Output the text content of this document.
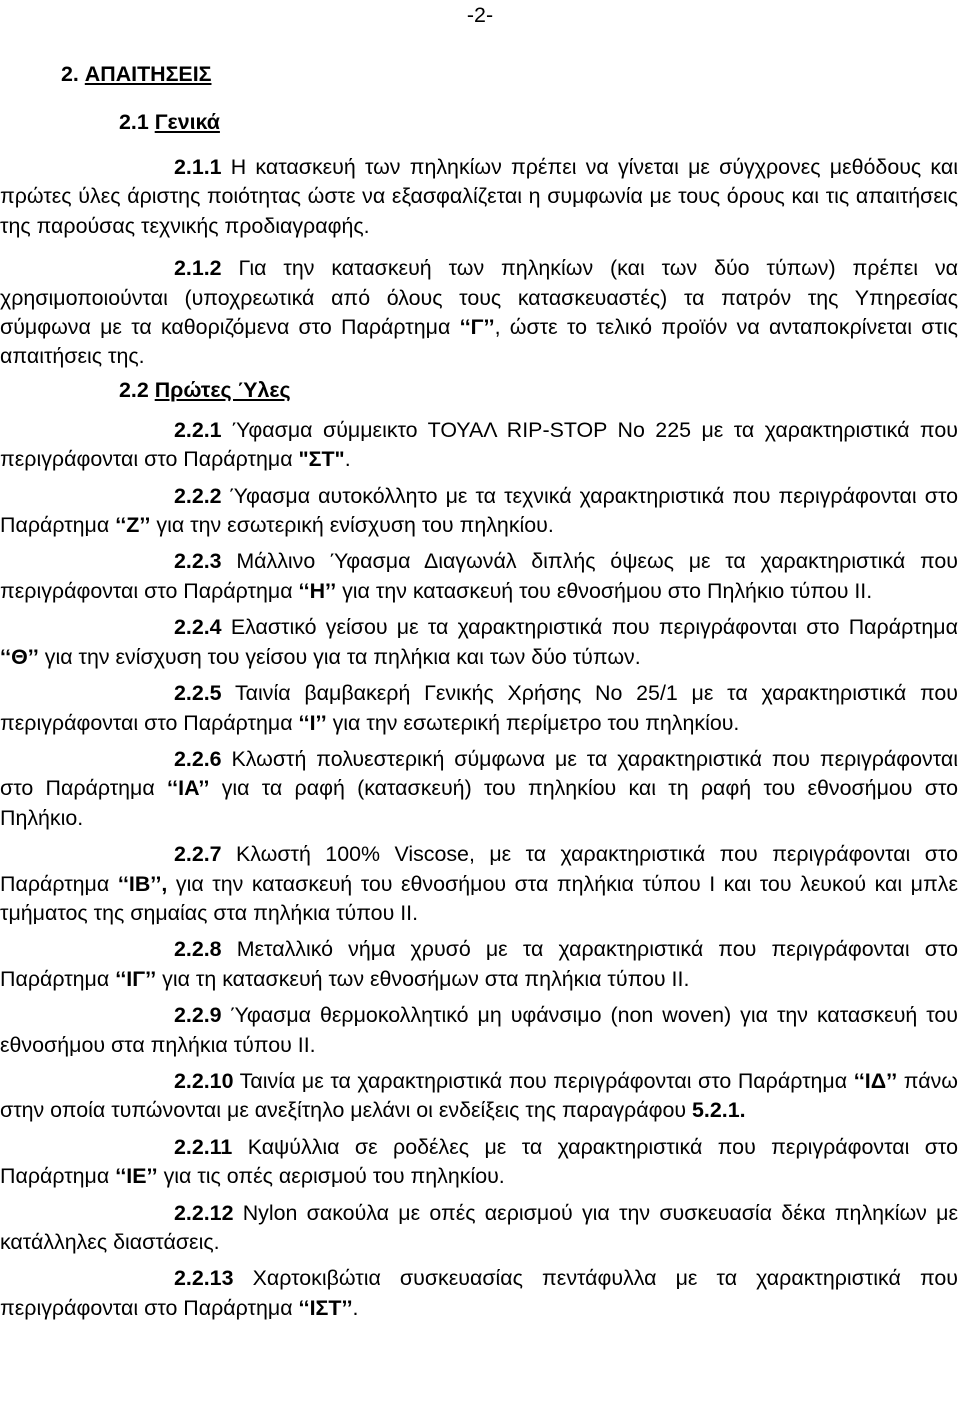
-2-
2. ΑΠΑΙΤΗΣΕΙΣ
2.1 Γενικά

2.1.1 Η κατασκευή των πηληκίων πρέπει να γίνεται με σύγχρονες μεθόδους και πρώτες ύλες άριστης ποιότητας ώστε να εξασφαλίζεται η συμφωνία με τους όρους και τις απαιτήσεις της παρούσας τεχνικής προδιαγραφής.

2.1.2 Για την κατασκευή των πηληκίων (και των δύο τύπων) πρέπει να χρησιμοποιούνται (υποχρεωτικά από όλους τους κατασκευαστές) τα πατρόν της Υπηρεσίας σύμφωνα με τα καθοριζόμενα στο Παράρτημα ‘‘Γ’’, ώστε το τελικό προϊόν να ανταποκρίνεται στις απαιτήσεις της.

2.2 Πρώτες Ύλες

2.2.1 Ύφασμα σύμμεικτο ΤΟΥΑΛ RIP-STOP No 225 με τα χαρακτηριστικά που περιγράφονται στο Παράρτημα "ΣΤ".

2.2.2 Ύφασμα αυτοκόλλητο με τα τεχνικά χαρακτηριστικά που περιγράφονται στο Παράρτημα ‘‘Ζ’’ για την εσωτερική ενίσχυση του πηληκίου.

2.2.3 Μάλλινο Ύφασμα Διαγωνάλ διπλής όψεως με τα χαρακτηριστικά που περιγράφονται στο Παράρτημα ‘‘Η’’ για την κατασκευή του εθνοσήμου στο Πηλήκιο τύπου ΙΙ.

2.2.4 Ελαστικό γείσου με τα χαρακτηριστικά που περιγράφονται στο Παράρτημα ‘‘Θ’’ για την ενίσχυση του γείσου για τα πηλήκια και των δύο τύπων.

2.2.5 Ταινία βαμβακερή Γενικής Χρήσης Νο 25/1 με τα χαρακτηριστικά που περιγράφονται στο Παράρτημα ‘‘Ι’’ για την εσωτερική περίμετρο του πηληκίου.

2.2.6 Κλωστή πολυεστερική σύμφωνα με τα χαρακτηριστικά που περιγράφονται στο Παράρτημα ‘‘ΙΑ’’ για τα ραφή (κατασκευή) του πηληκίου και τη ραφή του εθνοσήμου στο Πηλήκιο.

2.2.7 Κλωστή 100% Viscose, με τα χαρακτηριστικά που περιγράφονται στο Παράρτημα ‘‘ΙΒ’’, για την κατασκευή του εθνοσήμου στα πηλήκια τύπου Ι και του λευκού και μπλε τμήματος της σημαίας στα πηλήκια τύπου ΙΙ.

2.2.8 Μεταλλικό νήμα χρυσό με τα χαρακτηριστικά που περιγράφονται στο Παράρτημα ‘‘ΙΓ’’ για τη κατασκευή των εθνοσήμων στα πηλήκια τύπου ΙΙ.

2.2.9 Ύφασμα θερμοκολλητικό μη υφάνσιμο (non woven) για την κατασκευή του εθνοσήμου στα πηλήκια τύπου ΙΙ.

2.2.10 Ταινία με τα χαρακτηριστικά που περιγράφονται στο Παράρτημα ‘‘ΙΔ’’ πάνω στην οποία τυπώνονται με ανεξίτηλο μελάνι οι ενδείξεις της παραγράφου 5.2.1.

2.2.11 Καψύλλια σε ροδέλες με τα χαρακτηριστικά που περιγράφονται στο Παράρτημα ‘‘ΙΕ’’ για τις οπές αερισμού του πηληκίου.

2.2.12 Nylon σακούλα με οπές αερισμού για την συσκευασία δέκα πηληκίων με κατάλληλες διαστάσεις.

2.2.13 Χαρτοκιβώτια συσκευασίας πεντάφυλλα με τα χαρακτηριστικά που περιγράφονται στο Παράρτημα ‘‘ΙΣΤ’’.
